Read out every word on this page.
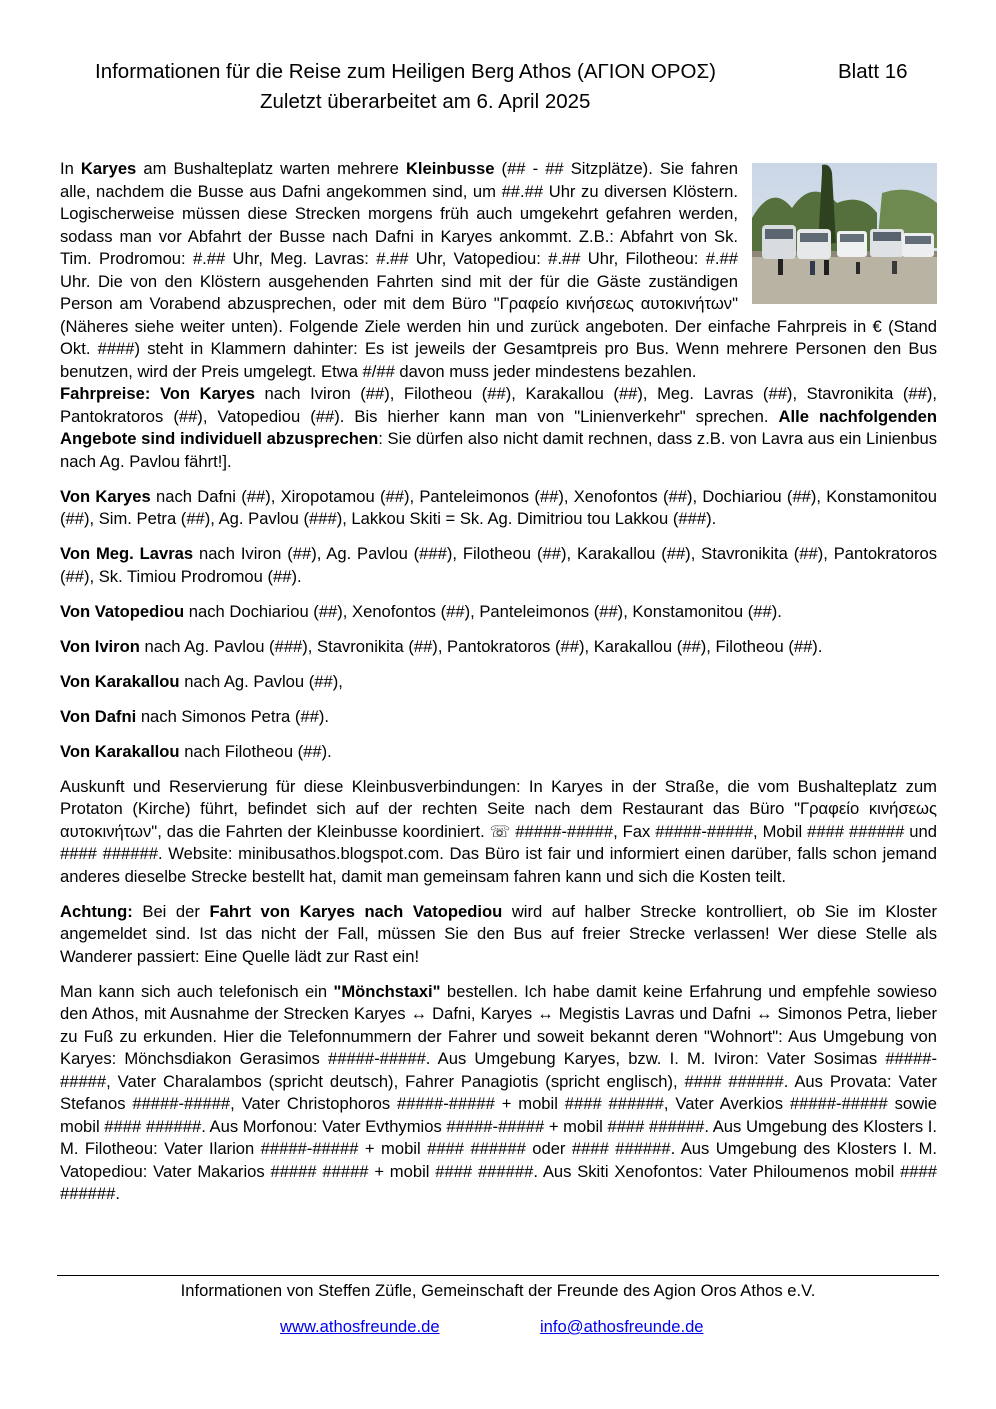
Informationen für die Reise zum Heiligen Berg Athos (ΑΓΙΟΝ ΟΡΟΣ)	Blatt 16
Zuletzt überarbeitet am 6. April 2025

In Karyes am Bushalteplatz warten mehrere Kleinbusse (## - ## Sitzplätze). Sie fahren alle, nachdem die Busse aus Dafni angekommen sind, um ##.## Uhr zu diversen Klöstern. Logischerweise müssen diese Strecken morgens früh auch umgekehrt gefahren werden, sodass man vor Abfahrt der Busse nach Dafni in Karyes ankommt. Z.B.: Abfahrt von Sk. Tim. Prodromou: #.## Uhr, Meg. Lavras: #.## Uhr, Vatopediou: #.## Uhr, Filotheou: #.## Uhr. Die von den Klöstern ausgehenden Fahrten sind mit der für die Gäste zuständigen Person am Vorabend abzusprechen, oder mit dem Büro "Γραφείο κινήσεως αυτοκινήτων" (Näheres siehe weiter unten). Folgende Ziele werden hin und zurück angeboten. Der einfache Fahrpreis in € (Stand Okt. ####) steht in Klammern dahinter: Es ist jeweils der Gesamtpreis pro Bus. Wenn mehrere Personen den Bus benutzen, wird der Preis umgelegt. Etwa #/## davon muss jeder mindestens bezahlen.

Fahrpreise: Von Karyes nach Iviron (##), Filotheou (##), Karakallou (##), Meg. Lavras (##), Stavronikita (##), Pantokratoros (##), Vatopediou (##). Bis hierher kann man von "Linienverkehr" sprechen. Alle nachfolgenden Angebote sind individuell abzusprechen: Sie dürfen also nicht damit rechnen, dass z.B. von Lavra aus ein Linienbus nach Ag. Pavlou fährt!].

Von Karyes nach Dafni (##), Xiropotamou (##), Panteleimonos (##), Xenofontos (##), Dochiariou (##), Konstamonitou (##), Sim. Petra (##), Ag. Pavlou (###), Lakkou Skiti = Sk. Ag. Dimitriou tou Lakkou (###).

Von Meg. Lavras nach Iviron (##), Ag. Pavlou (###), Filotheou (##), Karakallou (##), Stavronikita (##), Pantokratoros (##), Sk. Timiou Prodromou (##).

Von Vatopediou nach Dochiariou (##), Xenofontos (##), Panteleimonos (##), Konstamonitou (##).

Von Iviron nach Ag. Pavlou (###), Stavronikita (##), Pantokratoros (##), Karakallou (##), Filotheou (##).

Von Karakallou nach Ag. Pavlou (##),

Von Dafni nach Simonos Petra (##).

Von Karakallou nach Filotheou (##).

Auskunft und Reservierung für diese Kleinbusverbindungen: In Karyes in der Straße, die vom Bushalteplatz zum Protaton (Kirche) führt, befindet sich auf der rechten Seite nach dem Restaurant das Büro "Γραφείο κινήσεως αυτοκινήτων", das die Fahrten der Kleinbusse koordiniert. ☏ #####-#####, Fax #####-#####, Mobil #### ###### und #### ######. Website: minibusathos.blogspot.com. Das Büro ist fair und informiert einen darüber, falls schon jemand anderes dieselbe Strecke bestellt hat, damit man gemeinsam fahren kann und sich die Kosten teilt.

Achtung: Bei der Fahrt von Karyes nach Vatopediou wird auf halber Strecke kontrolliert, ob Sie im Kloster angemeldet sind. Ist das nicht der Fall, müssen Sie den Bus auf freier Strecke verlassen! Wer diese Stelle als Wanderer passiert: Eine Quelle lädt zur Rast ein!

Man kann sich auch telefonisch ein "Mönchstaxi" bestellen. Ich habe damit keine Erfahrung und empfehle sowieso den Athos, mit Ausnahme der Strecken Karyes ↔ Dafni, Karyes ↔ Megistis Lavras und Dafni ↔ Simonos Petra, lieber zu Fuß zu erkunden. Hier die Telefonnummern der Fahrer und soweit bekannt deren "Wohnort": Aus Umgebung von Karyes: Mönchsdiakon Gerasimos #####-#####. Aus Umgebung Karyes, bzw. I. M. Iviron: Vater Sosimas #####-#####, Vater Charalambos (spricht deutsch), Fahrer Panagiotis (spricht englisch), #### ######. Aus Provata: Vater Stefanos #####-#####, Vater Christophoros #####-##### + mobil #### ######, Vater Averkios #####-##### sowie mobil #### ######. Aus Morfonou: Vater Evthymios #####-##### + mobil #### ######. Aus Umgebung des Klosters I. M. Filotheou: Vater Ilarion #####-##### + mobil #### ###### oder #### ######. Aus Umgebung des Klosters I. M. Vatopediou: Vater Makarios ##### ##### + mobil #### ######. Aus Skiti Xenofontos: Vater Philoumenos mobil #### ######.

Informationen von Steffen Züfle, Gemeinschaft der Freunde des Agion Oros Athos e.V.
www.athosfreunde.de	info@athosfreunde.de
